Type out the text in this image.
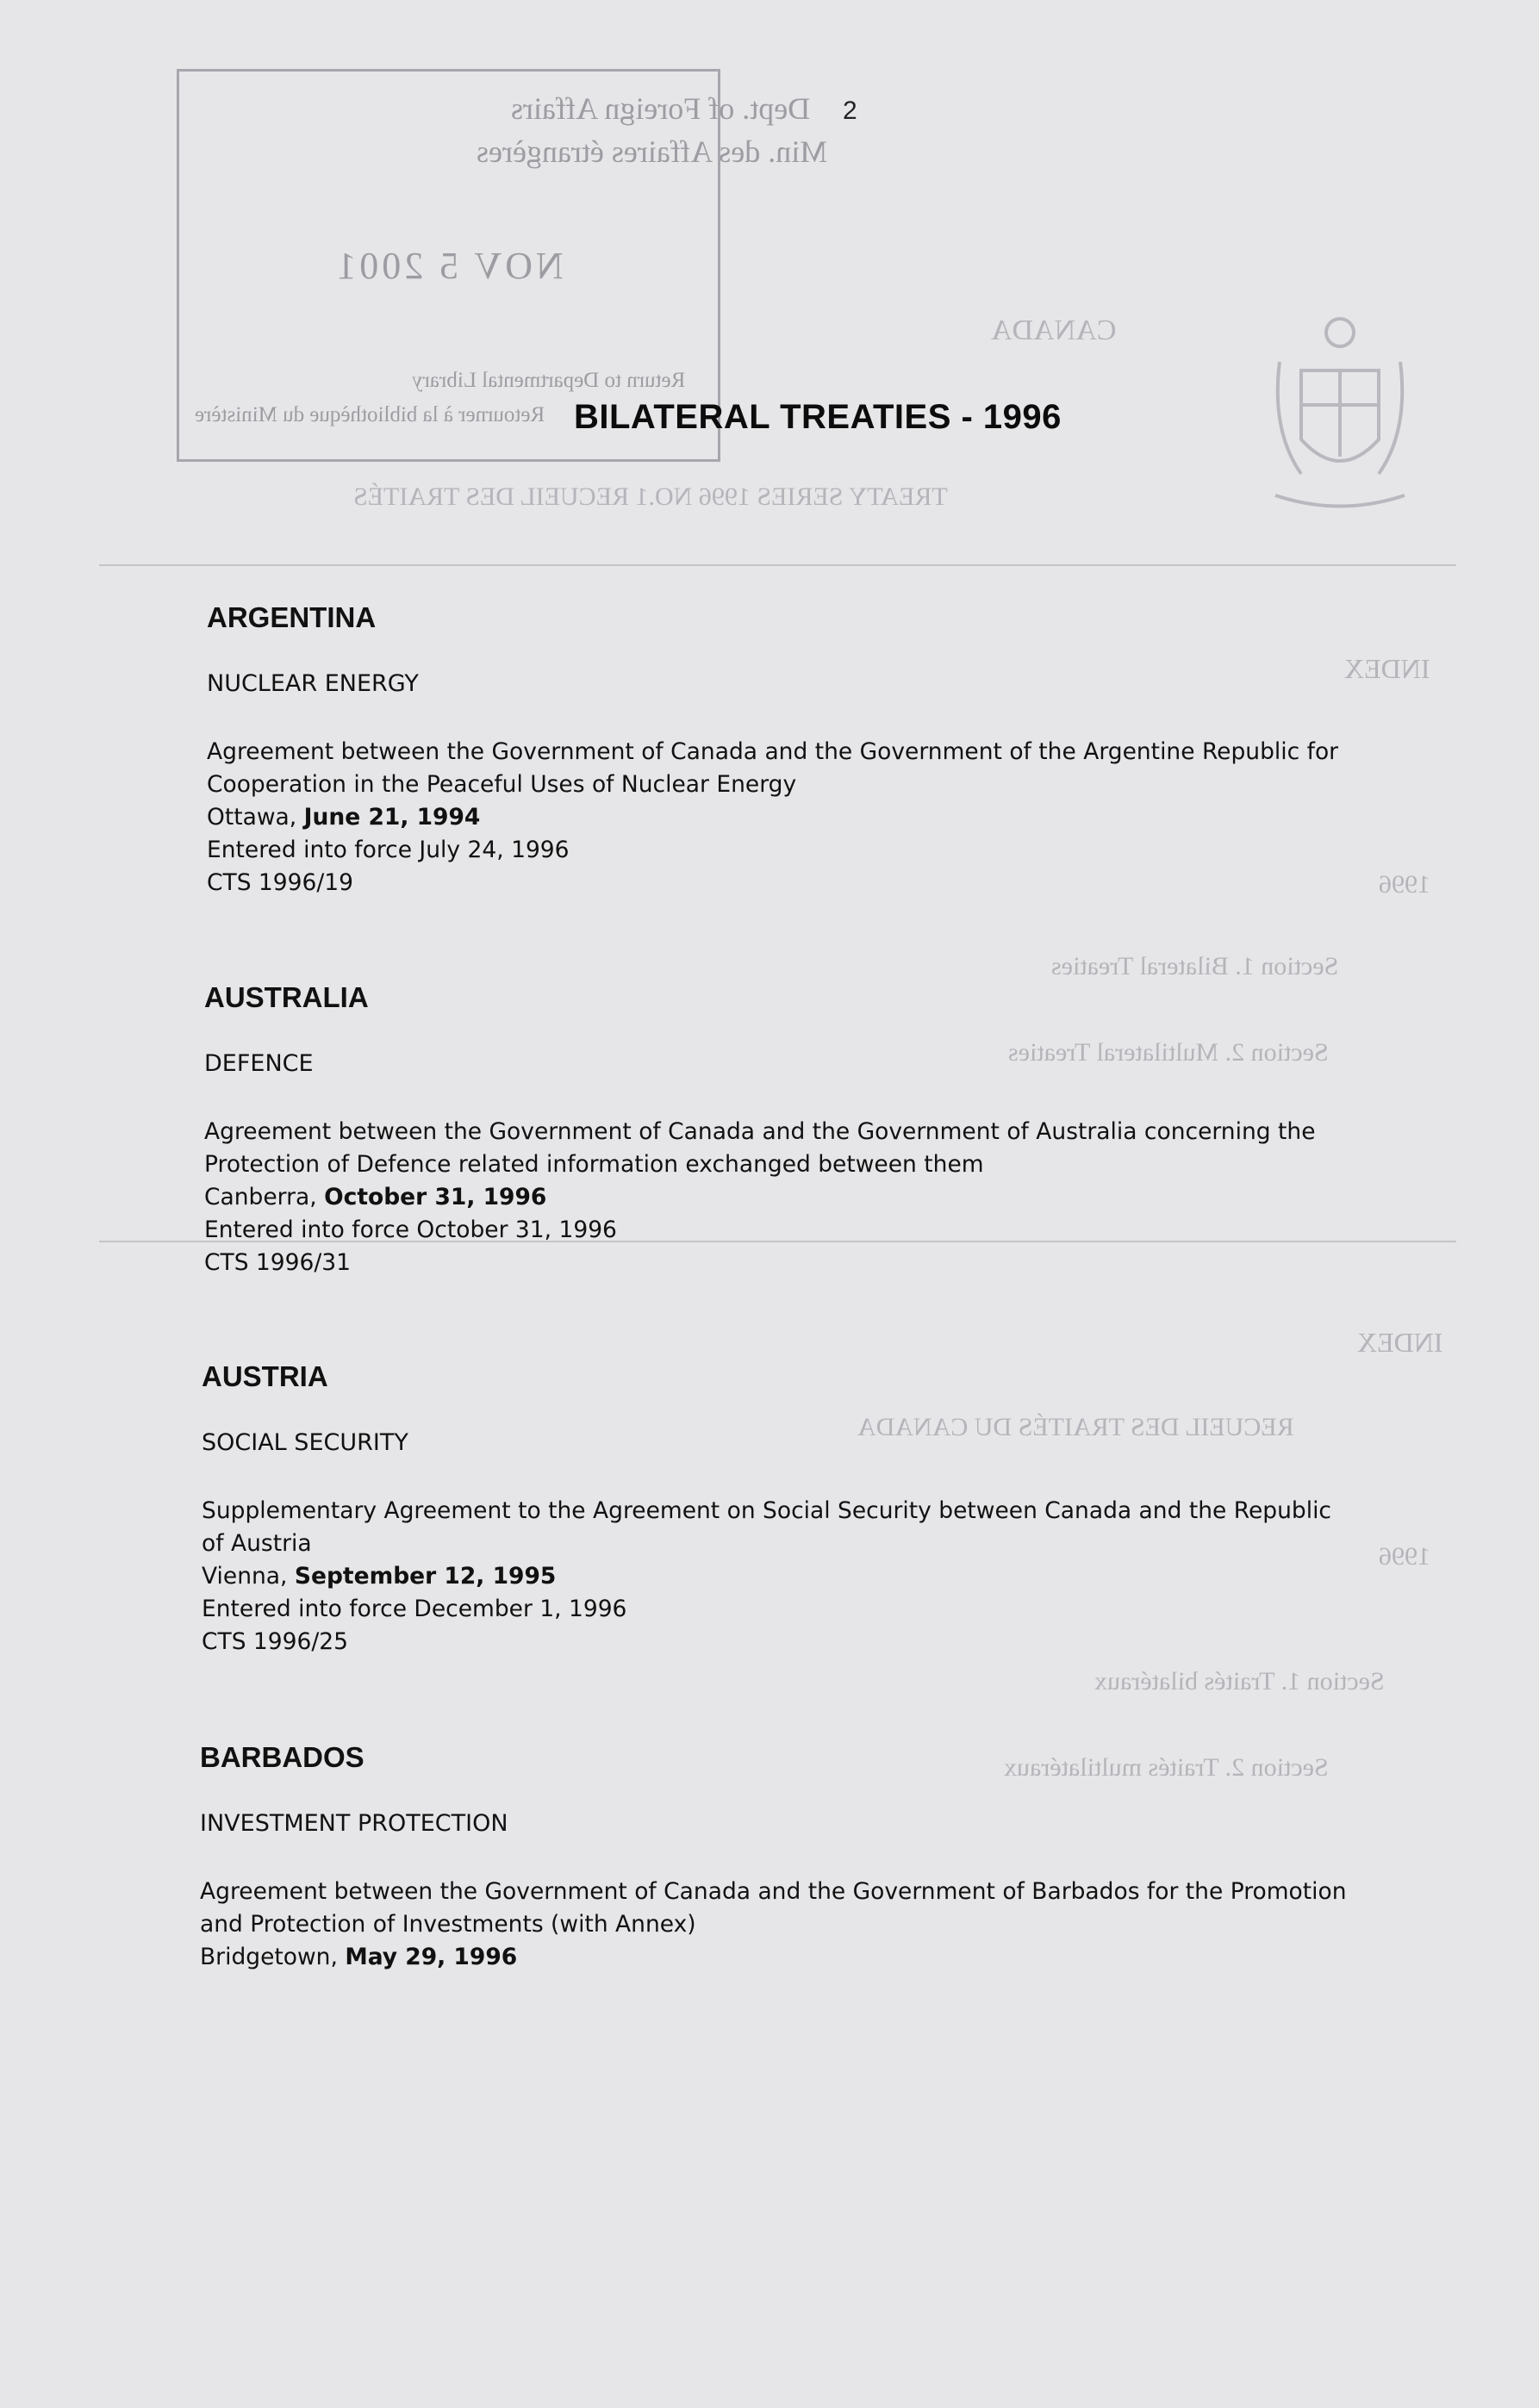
CANADA
TREATY SERIES 1996 NO.1 RECUEIL DES TRAITÉS
INDEX
1996
Section 1. Bilateral Treaties
Section 2. Multilateral Treaties
INDEX
RECUEIL DES TRAITÉS DU CANADA
1996
Section 1. Traités bilatéraux
Section 2. Traités multilatéraux
Dept. of Foreign Affairs
Min. des Affaires étrangères
NOV 5 2001
Return to Departmental Library
Retourner à la bibliothèque du Ministère
2
BILATERAL TREATIES - 1996
ARGENTINA
NUCLEAR ENERGY
Agreement between the Government of Canada and the Government of the Argentine Republic for
Cooperation in the Peaceful Uses of Nuclear Energy
Ottawa, June 21, 1994
Entered into force July 24, 1996
CTS 1996/19
AUSTRALIA
DEFENCE
Agreement between the Government of Canada and the Government of Australia concerning the
Protection of Defence related information exchanged between them
Canberra, October 31, 1996
Entered into force October 31, 1996
CTS 1996/31
AUSTRIA
SOCIAL SECURITY
Supplementary Agreement to the Agreement on Social Security between Canada and the Republic
of Austria
Vienna, September 12, 1995
Entered into force December 1, 1996
CTS 1996/25
BARBADOS
INVESTMENT PROTECTION
Agreement between the Government of Canada and the Government of Barbados for the Promotion
and Protection of Investments (with Annex)
Bridgetown, May 29, 1996
